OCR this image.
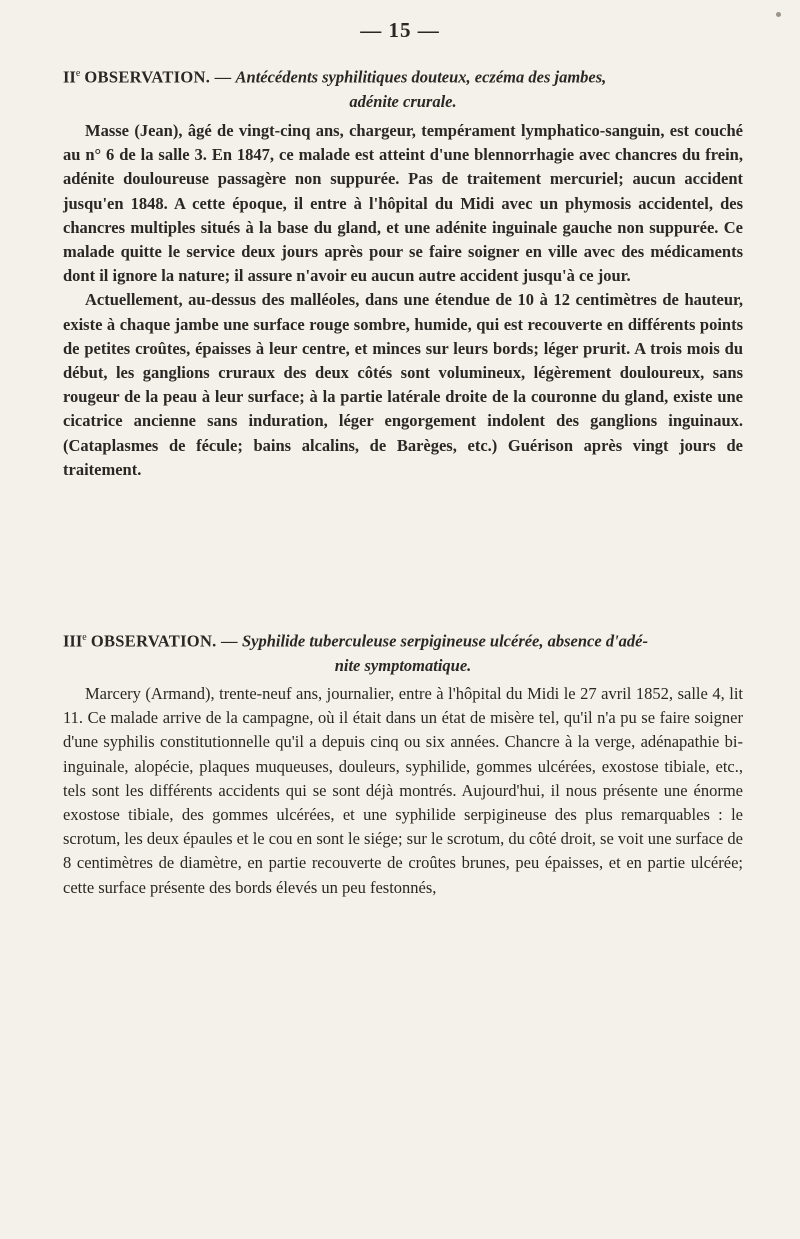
— 15 —
IIe OBSERVATION. — Antécédents syphilitiques douteux, eczéma des jambes,
adénite crurale.

Masse (Jean), âgé de vingt-cinq ans, chargeur, tempérament lymphatico-sanguin, est couché au n° 6 de la salle 3. En 1847, ce malade est atteint d'une blennorrhagie avec chancres du frein, adénite douloureuse passagère non suppurée. Pas de traitement mercuriel; aucun accident jusqu'en 1848. A cette époque, il entre à l'hôpital du Midi avec un phymosis accidentel, des chancres multiples situés à la base du gland, et une adénite inguinale gauche non suppurée. Ce malade quitte le service deux jours après pour se faire soigner en ville avec des médicaments dont il ignore la nature; il assure n'avoir eu aucun autre accident jusqu'à ce jour.

Actuellement, au-dessus des malléoles, dans une étendue de 10 à 12 centimètres de hauteur, existe à chaque jambe une surface rouge sombre, humide, qui est recouverte en différents points de petites croûtes, épaisses à leur centre, et minces sur leurs bords; léger prurit. A trois mois du début, les ganglions cruraux des deux côtés sont volumineux, légèrement douloureux, sans rougeur de la peau à leur surface; à la partie latérale droite de la couronne du gland, existe une cicatrice ancienne sans induration, léger engorgement indolent des ganglions inguinaux. (Cataplasmes de fécule; bains alcalins, de Barèges, etc.) Guérison après vingt jours de traitement.

IIIe OBSERVATION. — Syphilide tuberculeuse serpigineuse ulcérée, absence d'adé-
nite symptomatique.

Marcery (Armand), trente-neuf ans, journalier, entre à l'hôpital du Midi le 27 avril 1852, salle 4, lit 11. Ce malade arrive de la campagne, où il était dans un état de misère tel, qu'il n'a pu se faire soigner d'une syphilis constitutionnelle qu'il a depuis cinq ou six années. Chancre à la verge, adénapathie bi-inguinale, alopécie, plaques muqueuses, douleurs, syphilide, gommes ulcérées, exostose tibiale, etc., tels sont les différents accidents qui se sont déjà montrés. Aujourd'hui, il nous présente une énorme exostose tibiale, des gommes ulcérées, et une syphilide serpigineuse des plus remarquables : le scrotum, les deux épaules et le cou en sont le siége; sur le scrotum, du côté droit, se voit une surface de 8 centimètres de diamètre, en partie recouverte de croûtes brunes, peu épaisses, et en partie ulcérée; cette surface présente des bords élevés un peu festonnés,
